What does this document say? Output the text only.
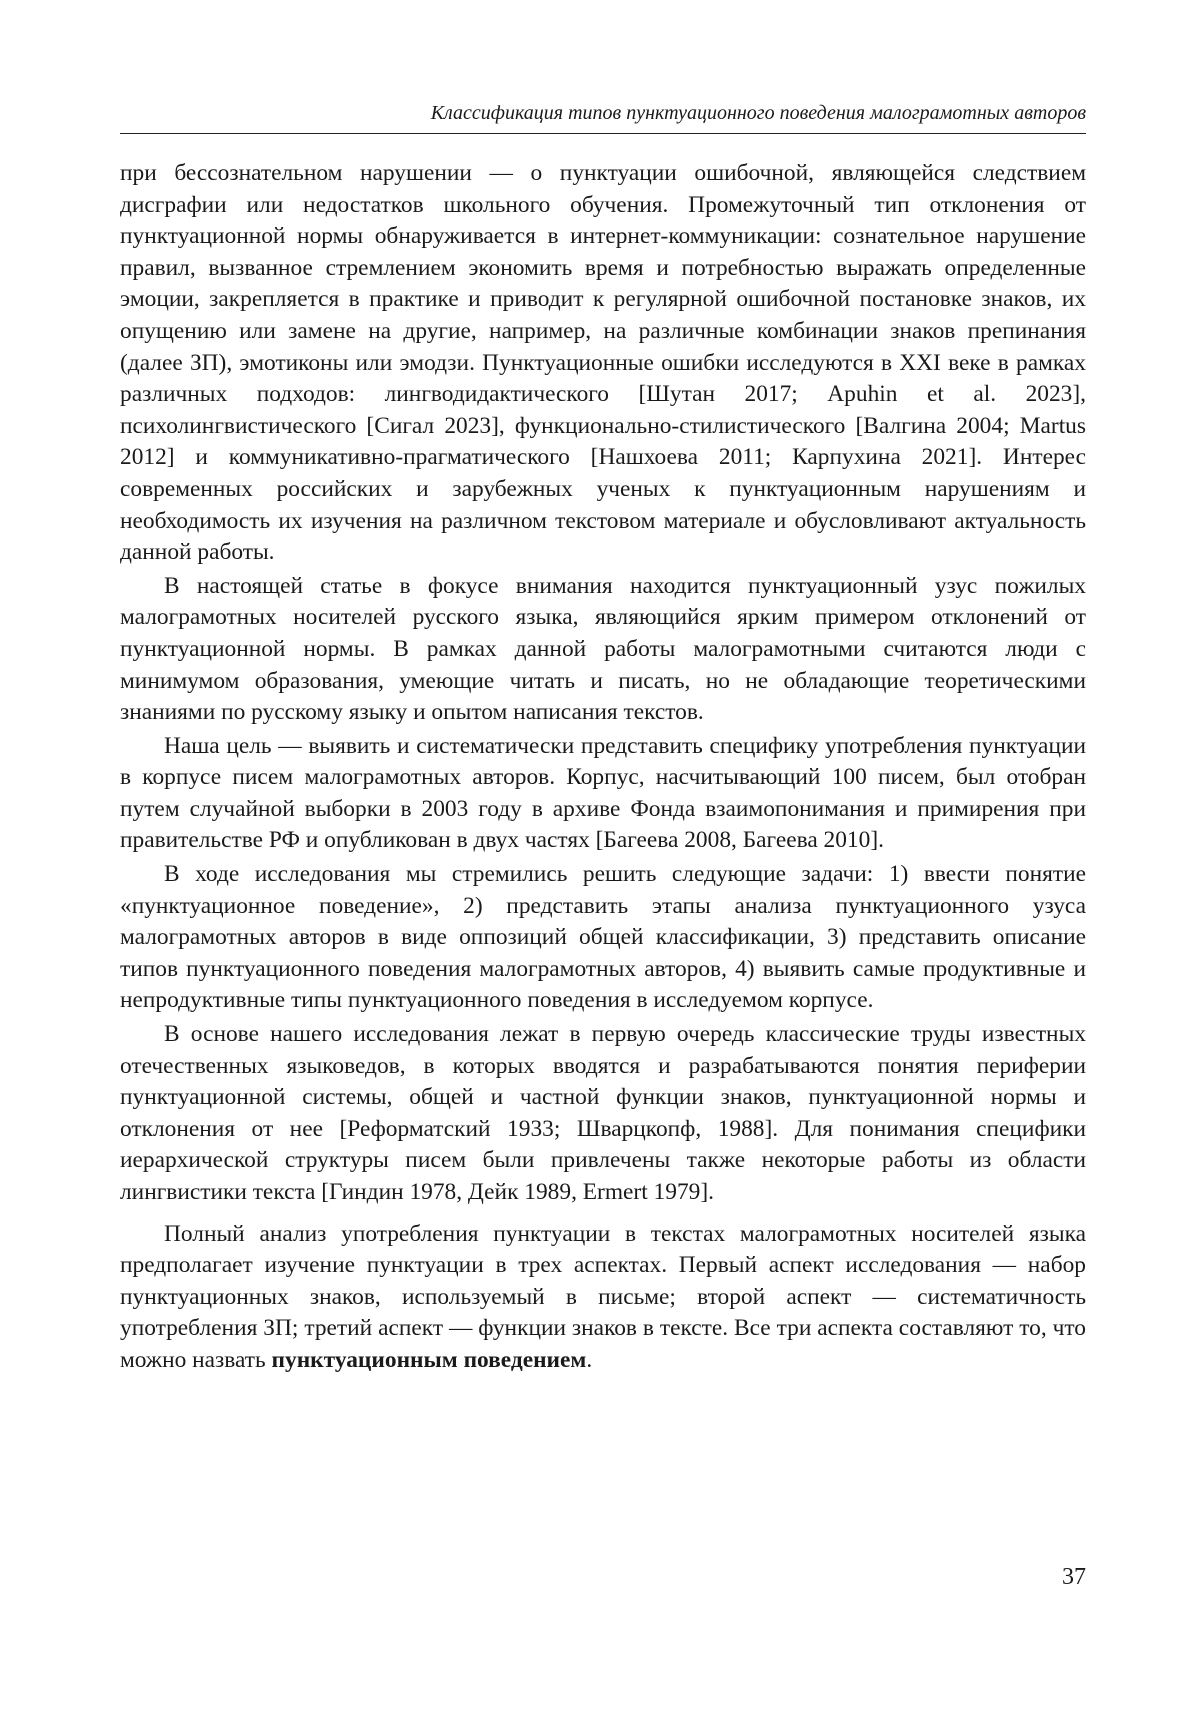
Классификация типов пунктуационного поведения малограмотных авторов

при бессознательном нарушении — о пунктуации ошибочной, являющейся следствием дисграфии или недостатков школьного обучения. Промежуточный тип отклонения от пунктуационной нормы обнаруживается в интернет-коммуникации: сознательное нарушение правил, вызванное стремлением экономить время и потребностью выражать определенные эмоции, закрепляется в практике и приводит к регулярной ошибочной постановке знаков, их опущению или замене на другие, например, на различные комбинации знаков препинания (далее ЗП), эмотиконы или эмодзи. Пунктуационные ошибки исследуются в XXI веке в рамках различных подходов: лингводидактического [Шутан 2017; Apuhin et al. 2023], психолингвистического [Сигал 2023], функционально-стилистического [Валгина 2004; Martus 2012] и коммуникативно-прагматического [Нашхоева 2011; Карпухина 2021]. Интерес современных российских и зарубежных ученых к пунктуационным нарушениям и необходимость их изучения на различном текстовом материале и обусловливают актуальность данной работы.

В настоящей статье в фокусе внимания находится пунктуационный узус пожилых малограмотных носителей русского языка, являющийся ярким примером отклонений от пунктуационной нормы. В рамках данной работы малограмотными считаются люди с минимумом образования, умеющие читать и писать, но не обладающие теоретическими знаниями по русскому языку и опытом написания текстов.

Наша цель — выявить и систематически представить специфику употребления пунктуации в корпусе писем малограмотных авторов. Корпус, насчитывающий 100 писем, был отобран путем случайной выборки в 2003 году в архиве Фонда взаимопонимания и примирения при правительстве РФ и опубликован в двух частях [Багеева 2008, Багеева 2010].

В ходе исследования мы стремились решить следующие задачи: 1) ввести понятие «пунктуационное поведение», 2) представить этапы анализа пунктуационного узуса малограмотных авторов в виде оппозиций общей классификации, 3) представить описание типов пунктуационного поведения малограмотных авторов, 4) выявить самые продуктивные и непродуктивные типы пунктуационного поведения в исследуемом корпусе.

В основе нашего исследования лежат в первую очередь классические труды известных отечественных языковедов, в которых вводятся и разрабатываются понятия периферии пунктуационной системы, общей и частной функции знаков, пунктуационной нормы и отклонения от нее [Реформатский 1933; Шварцкопф, 1988]. Для понимания специфики иерархической структуры писем были привлечены также некоторые работы из области лингвистики текста [Гиндин 1978, Дейк 1989, Ermert 1979].

Полный анализ употребления пунктуации в текстах малограмотных носителей языка предполагает изучение пунктуации в трех аспектах. Первый аспект исследования — набор пунктуационных знаков, используемый в письме; второй аспект — систематичность употребления ЗП; третий аспект — функции знаков в тексте. Все три аспекта составляют то, что можно назвать пунктуационным поведением.

37
